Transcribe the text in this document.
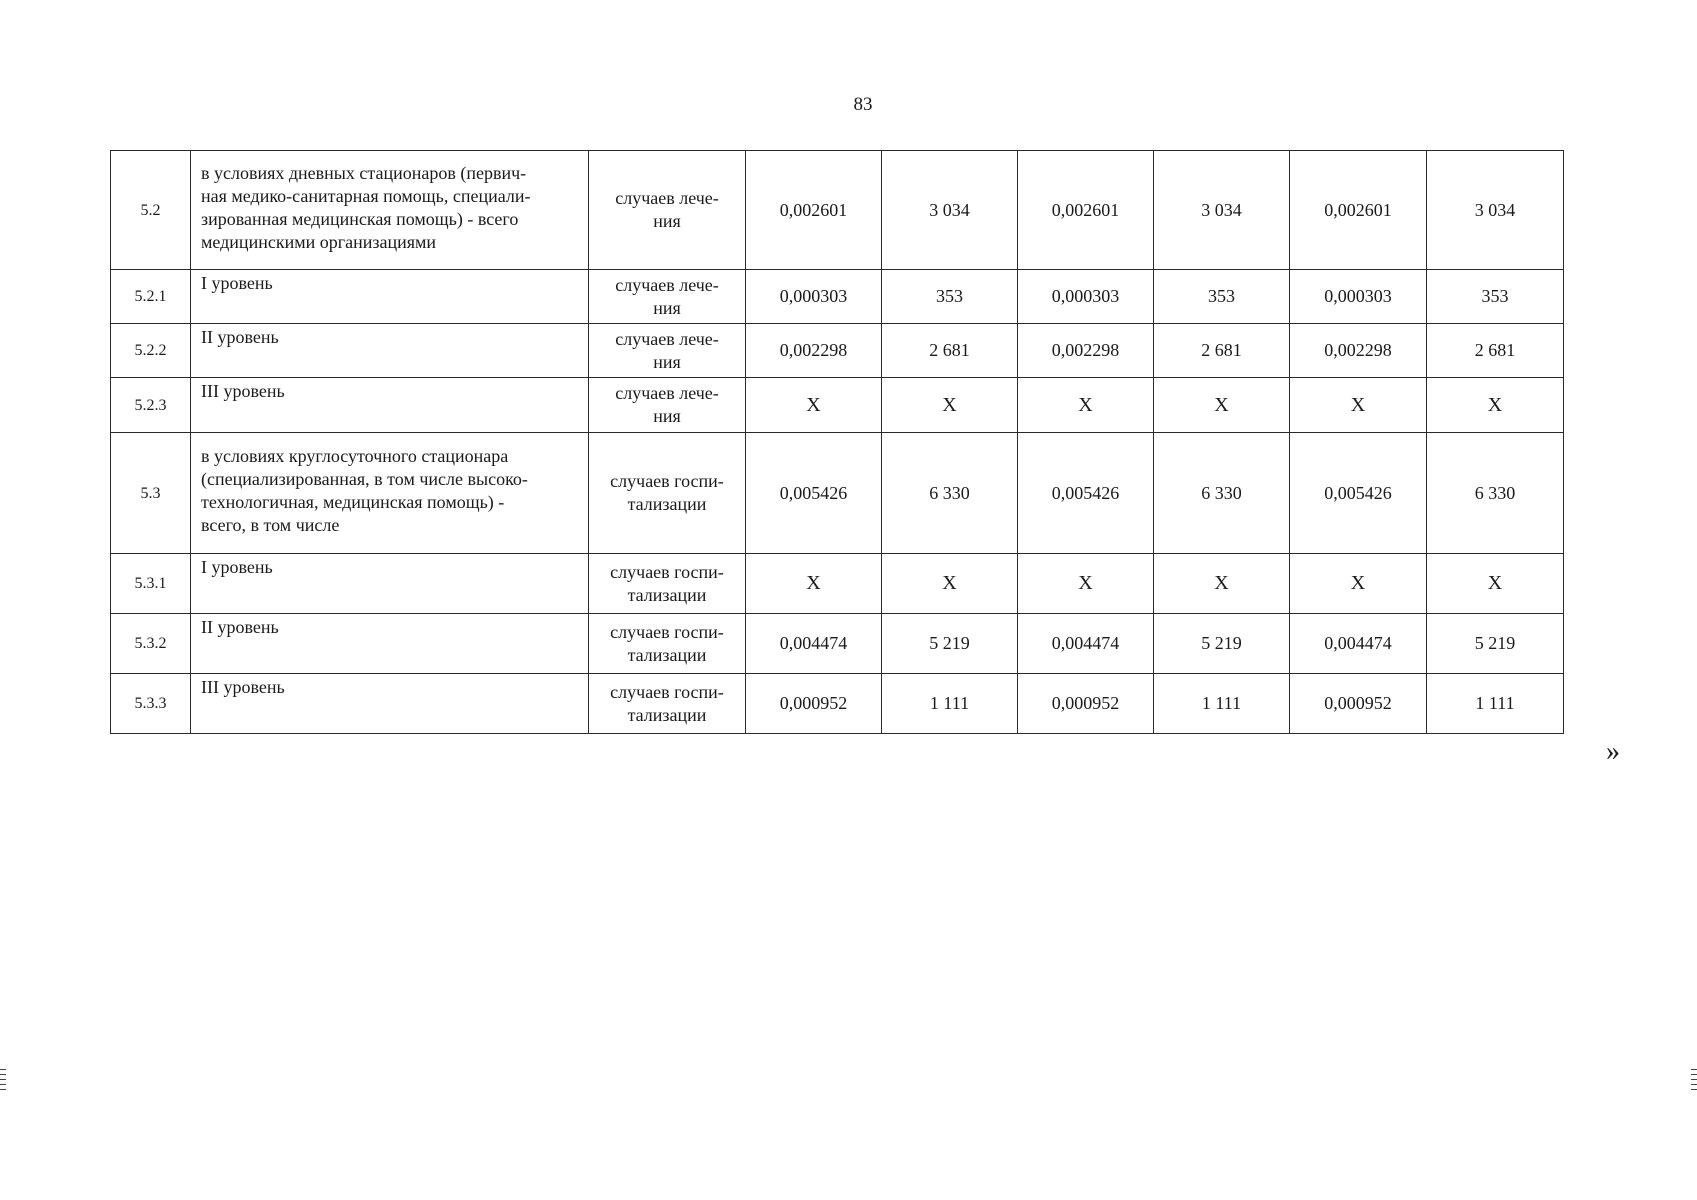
83
5.2	в условиях дневных стационаров (первич-
ная медико-санитарная помощь, специали-
зированная медицинская помощь) - всего
медицинскими организациями	случаев лече-
ния	0,002601	3 034	0,002601	3 034	0,002601	3 034
5.2.1	I уровень	случаев лече-
ния	0,000303	353	0,000303	353	0,000303	353
5.2.2	II уровень	случаев лече-
ния	0,002298	2 681	0,002298	2 681	0,002298	2 681
5.2.3	III уровень	случаев лече-
ния	X	X	X	X	X	X
5.3	в условиях круглосуточного стационара
(специализированная, в том числе высоко-
технологичная, медицинская помощь) -
всего, в том числе	случаев госпи-
тализации	0,005426	6 330	0,005426	6 330	0,005426	6 330
5.3.1	I уровень	случаев госпи-
тализации	X	X	X	X	X	X
5.3.2	II уровень	случаев госпи-
тализации	0,004474	5 219	0,004474	5 219	0,004474	5 219
5.3.3	III уровень	случаев госпи-
тализации	0,000952	1 111	0,000952	1 111	0,000952	1 111
»
